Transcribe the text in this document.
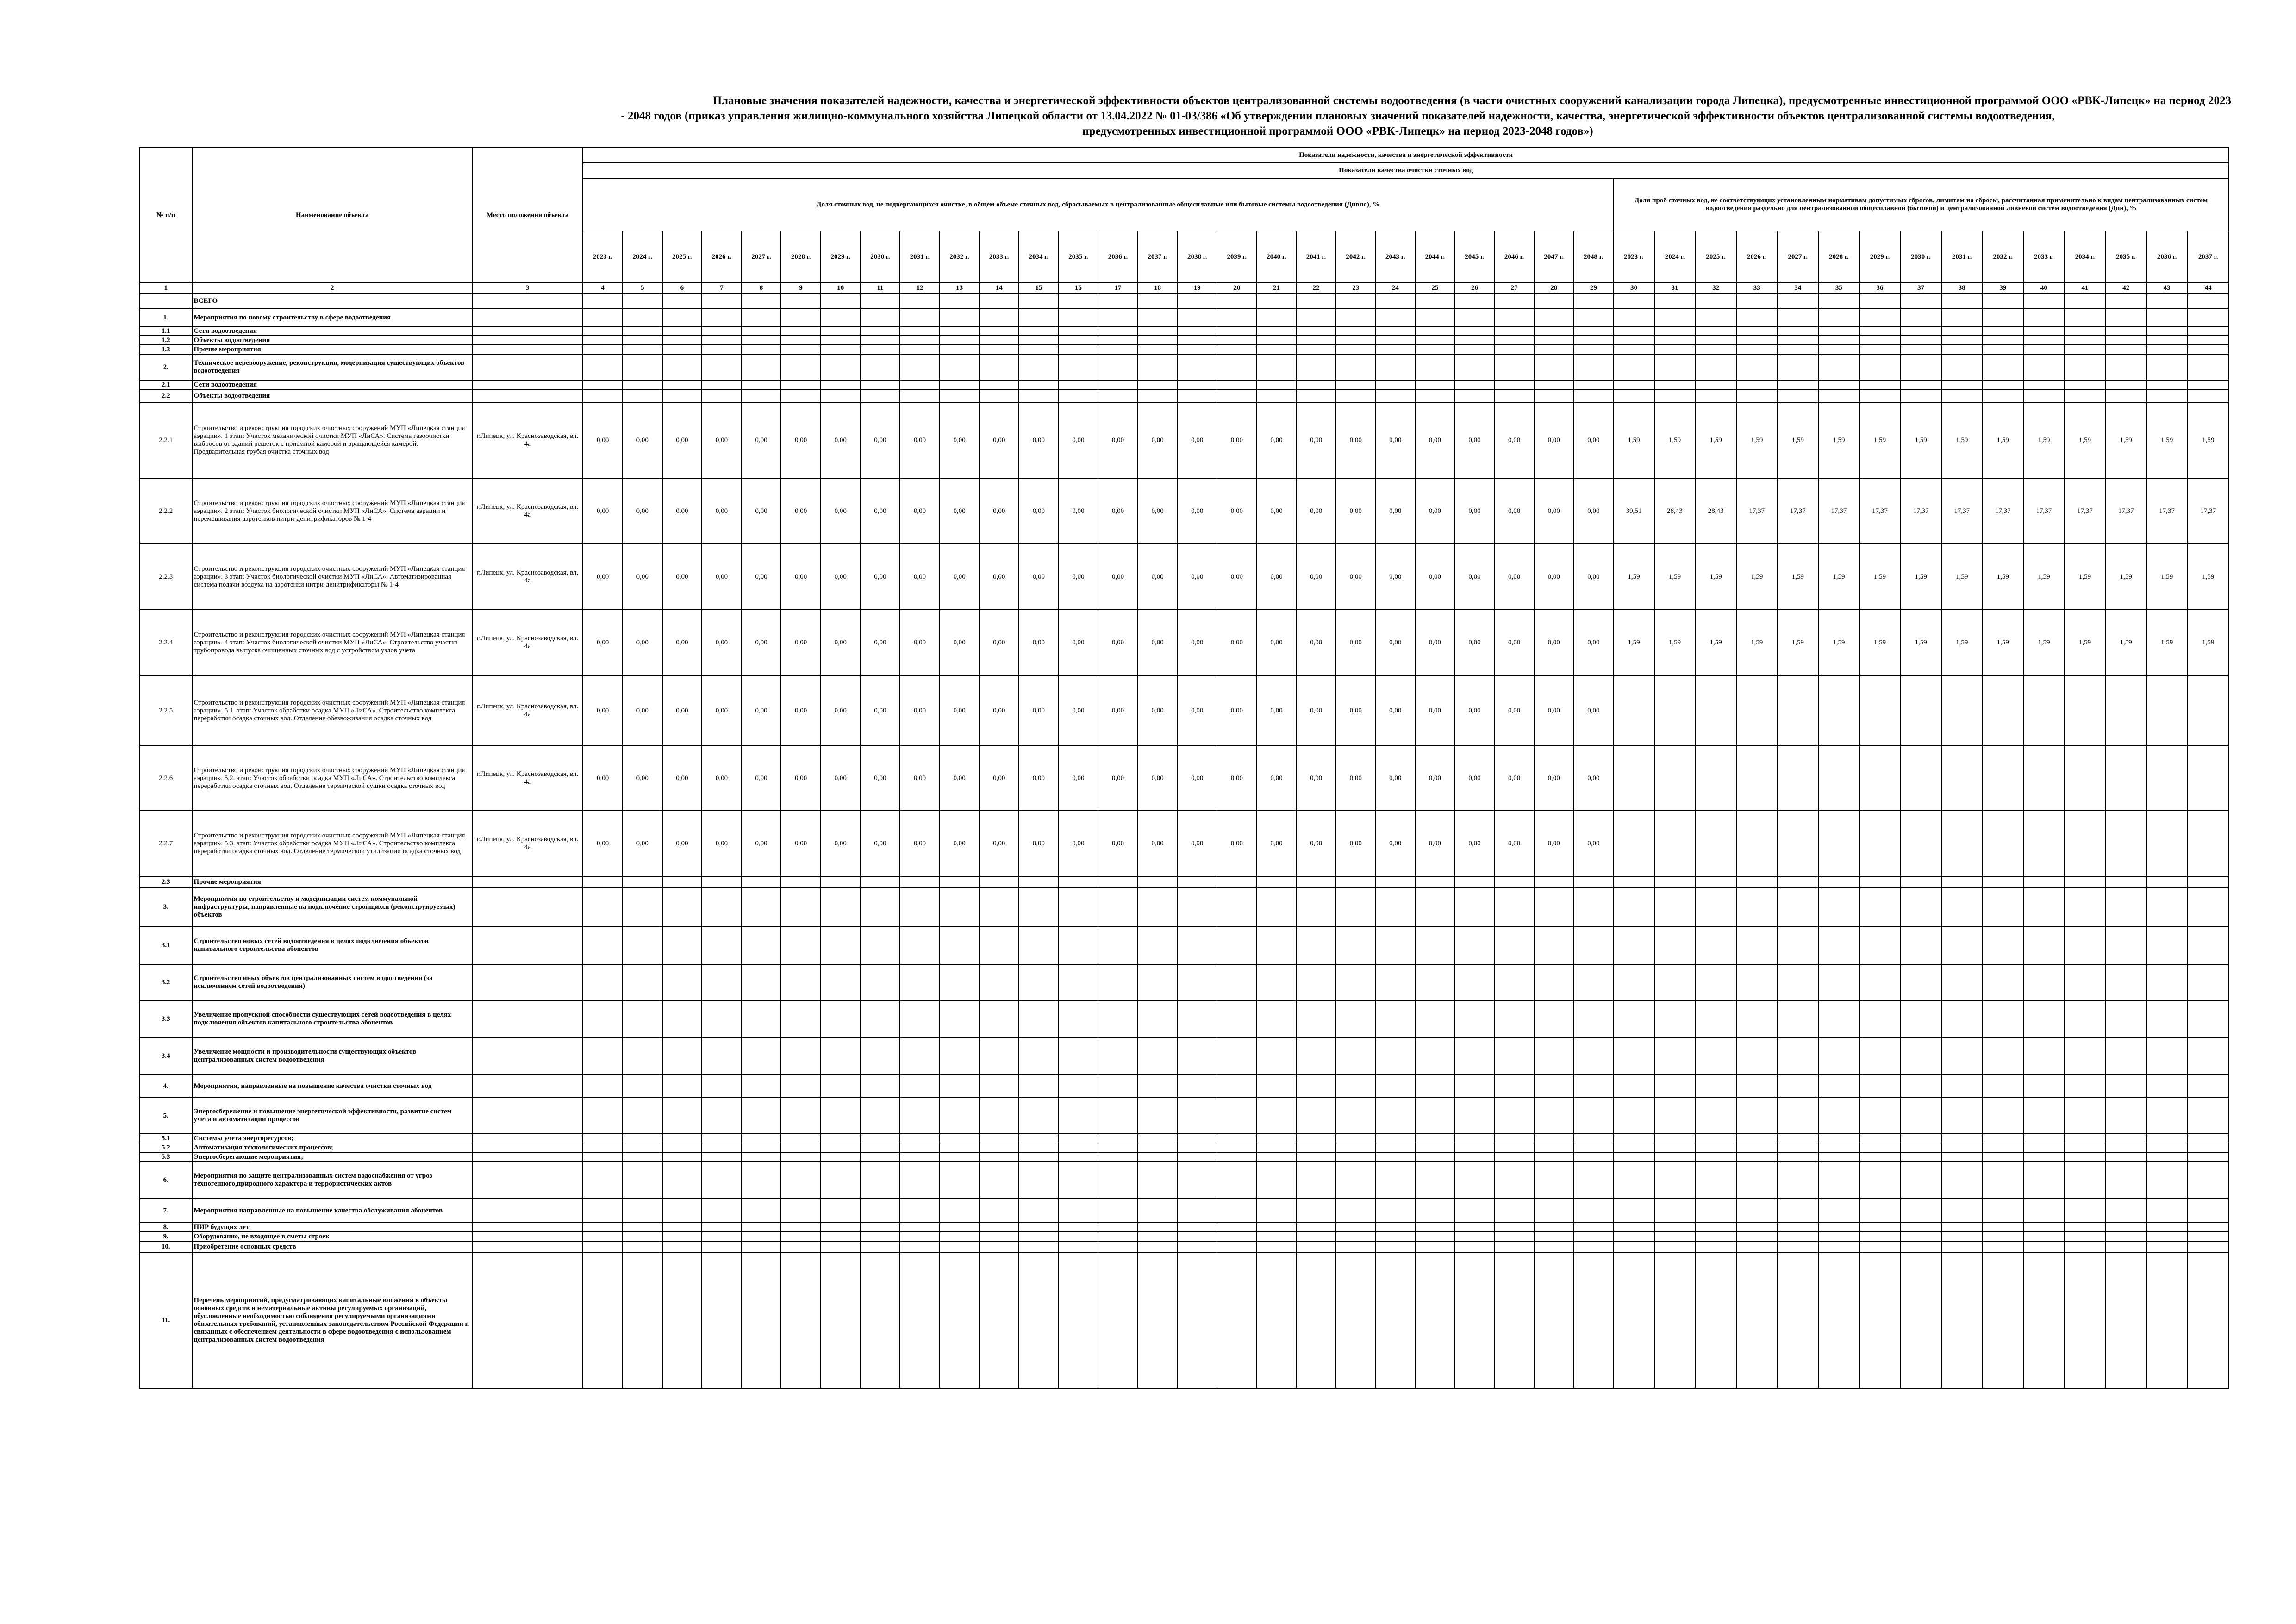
Плановые значения показателей надежности, качества и энергетической эффективности объектов централизованной системы водоотведения (в части очистных сооружений канализации города Липецка), предусмотренные инвестиционной программой ООО «РВК-Липецк» на период 2023
- 2048 годов (приказ управления жилищно-коммунального хозяйства Липецкой области от 13.04.2022 № 01-03/386 «Об утверждении плановых значений показателей надежности, качества, энергетической эффективности объектов централизованной системы водоотведения,
предусмотренных инвестиционной программой ООО «РВК-Липецк» на период 2023-2048 годов»)
№ п/п	Наименование объекта	Место положения объекта	Показатели надежности, качества и энергетической эффективности																																								
			Показатели качества очистки сточных вод																																								
			Доля сточных вод, не подвергающихся очистке, в общем объеме сточных вод, сбрасываемых в централизованные общесплавные или бытовые системы водоотведения (Днвно), %																										Доля проб сточных вод, не соответствующих установленным нормативам допустимых сбросов, лимитам на сбросы, рассчитанная применительно к видам централизованных систем водоотведения раздельно для централизованной общесплавной (бытовой) и централизованной ливневой систем водоотведения (Дпн), %														
			2023 г.	2024 г.	2025 г.	2026 г.	2027 г.	2028 г.	2029 г.	2030 г.	2031 г.	2032 г.	2033 г.	2034 г.	2035 г.	2036 г.	2037 г.	2038 г.	2039 г.	2040 г.	2041 г.	2042 г.	2043 г.	2044 г.	2045 г.	2046 г.	2047 г.	2048 г.	2023 г.	2024 г.	2025 г.	2026 г.	2027 г.	2028 г.	2029 г.	2030 г.	2031 г.	2032 г.	2033 г.	2034 г.	2035 г.	2036 г.	2037 г.

1	2	3	4	5	6	7	8	9	10	11	12	13	14	15	16	17	18	19	20	21	22	23	24	25	26	27	28	29	30	31	32	33	34	35	36	37	38	39	40	41	42	43	44
	ВСЕГО																																										
1.	Мероприятия по новому строительству в сфере водоотведения																																										
1.1	Сети водоотведения																																										
1.2	Объекты водоотведения																																										
1.3	Прочие мероприятия																																										
2.	Техническое перевооружение, реконструкция, модернизация существующих объектов водоотведения																																										
2.1	Сети водоотведения																																										
2.2	Объекты водоотведения																																										
2.2.1	Строительство и реконструкция городских очистных сооружений МУП «Липецкая станция аэрации». 1 этап: Участок механической очистки МУП «ЛиСА». Система газоочистки выбросов от зданий решеток с приемной камерой и вращающейся камерой. Предварительная грубая очистка сточных вод	г.Липецк, ул. Краснозаводская, вл. 4а	0,00	0,00	0,00	0,00	0,00	0,00	0,00	0,00	0,00	0,00	0,00	0,00	0,00	0,00	0,00	0,00	0,00	0,00	0,00	0,00	0,00	0,00	0,00	0,00	0,00	0,00	1,59	1,59	1,59	1,59	1,59	1,59	1,59	1,59	1,59	1,59	1,59	1,59	1,59	1,59	1,59
2.2.2	Строительство и реконструкция городских очистных сооружений МУП «Липецкая станция аэрации». 2 этап: Участок биологической очистки МУП «ЛиСА». Система аэрации и перемешивания аэротенков нитри-денитрификаторов № 1-4	г.Липецк, ул. Краснозаводская, вл. 4а	0,00	0,00	0,00	0,00	0,00	0,00	0,00	0,00	0,00	0,00	0,00	0,00	0,00	0,00	0,00	0,00	0,00	0,00	0,00	0,00	0,00	0,00	0,00	0,00	0,00	0,00	39,51	28,43	28,43	17,37	17,37	17,37	17,37	17,37	17,37	17,37	17,37	17,37	17,37	17,37	17,37
2.2.3	Строительство и реконструкция городских очистных сооружений МУП «Липецкая станция аэрации». 3 этап: Участок биологической очистки МУП «ЛиСА». Автоматизированная система подачи воздуха на аэротенки нитри-денитрификаторы № 1-4	г.Липецк, ул. Краснозаводская, вл. 4а	0,00	0,00	0,00	0,00	0,00	0,00	0,00	0,00	0,00	0,00	0,00	0,00	0,00	0,00	0,00	0,00	0,00	0,00	0,00	0,00	0,00	0,00	0,00	0,00	0,00	0,00	1,59	1,59	1,59	1,59	1,59	1,59	1,59	1,59	1,59	1,59	1,59	1,59	1,59	1,59	1,59
2.2.4	Строительство и реконструкция городских очистных сооружений МУП «Липецкая станция аэрации». 4 этап: Участок биологической очистки МУП «ЛиСА». Строительство участка трубопровода выпуска очищенных сточных вод с устройством узлов учета	г.Липецк, ул. Краснозаводская, вл. 4а	0,00	0,00	0,00	0,00	0,00	0,00	0,00	0,00	0,00	0,00	0,00	0,00	0,00	0,00	0,00	0,00	0,00	0,00	0,00	0,00	0,00	0,00	0,00	0,00	0,00	0,00	1,59	1,59	1,59	1,59	1,59	1,59	1,59	1,59	1,59	1,59	1,59	1,59	1,59	1,59	1,59
2.2.5	Строительство и реконструкция городских очистных сооружений МУП «Липецкая станция аэрации». 5.1. этап: Участок обработки осадка МУП «ЛиСА». Строительство комплекса переработки осадка сточных вод. Отделение обезвоживания осадка сточных вод	г.Липецк, ул. Краснозаводская, вл. 4а	0,00	0,00	0,00	0,00	0,00	0,00	0,00	0,00	0,00	0,00	0,00	0,00	0,00	0,00	0,00	0,00	0,00	0,00	0,00	0,00	0,00	0,00	0,00	0,00	0,00	0,00															
2.2.6	Строительство и реконструкция городских очистных сооружений МУП «Липецкая станция аэрации». 5.2. этап: Участок обработки осадка МУП «ЛиСА». Строительство комплекса переработки осадка сточных вод. Отделение термической сушки осадка сточных вод	г.Липецк, ул. Краснозаводская, вл. 4а	0,00	0,00	0,00	0,00	0,00	0,00	0,00	0,00	0,00	0,00	0,00	0,00	0,00	0,00	0,00	0,00	0,00	0,00	0,00	0,00	0,00	0,00	0,00	0,00	0,00	0,00															
2.2.7	Строительство и реконструкция городских очистных сооружений МУП «Липецкая станция аэрации». 5.3. этап: Участок обработки осадка МУП «ЛиСА». Строительство комплекса переработки осадка сточных вод. Отделение термической утилизации осадка сточных вод	г.Липецк, ул. Краснозаводская, вл. 4а	0,00	0,00	0,00	0,00	0,00	0,00	0,00	0,00	0,00	0,00	0,00	0,00	0,00	0,00	0,00	0,00	0,00	0,00	0,00	0,00	0,00	0,00	0,00	0,00	0,00	0,00															
2.3	Прочие мероприятия																																										
3.	Мероприятия по строительству и модернизации систем коммунальной инфраструктуры, направленные на подключение строящихся (реконструируемых) объектов																																										
3.1	Строительство новых сетей водоотведения в целях подключения объектов капитального строительства абонентов																																										
3.2	Строительство иных объектов централизованных систем водоотведения (за исключением сетей водоотведения)																																										
3.3	Увеличение пропускной способности существующих сетей водоотведения в целях подключения объектов капитального строительства абонентов																																										
3.4	Увеличение мощности и производительности существующих объектов централизованных систем водоотведения																																										
4.	Мероприятия, направленные на повышение качества очистки сточных вод																																										
5.	Энергосбережение и повышение энергетической эффективности, развитие систем учета и автоматизации процессов																																										
5.1	Системы учета энергоресурсов;																																										
5.2	Автоматизация технологических процессов;																																										
5.3	Энергосберегающие мероприятия;																																										
6.	Мероприятия по защите централизованных систем водоснабжения от угроз техногенного,природного характера и террористических актов																																										
7.	Мероприятия направленные на повышение качества обслуживания абонентов																																										
8.	ПИР будущих лет																																										
9.	Оборудование, не входящее в сметы строек																																										
10.	Приобретение основных средств																																										
11.	Перечень мероприятий, предусматривающих капитальные вложения в объекты основных средств и нематериальные активы регулируемых организаций, обусловленные необходимостью соблюдения регулируемыми организациями обязательных требований, установленных законодательством Российской Федерации и связанных с обеспечением деятельности в сфере водоотведения с использованием централизованных систем водоотведения																																										
